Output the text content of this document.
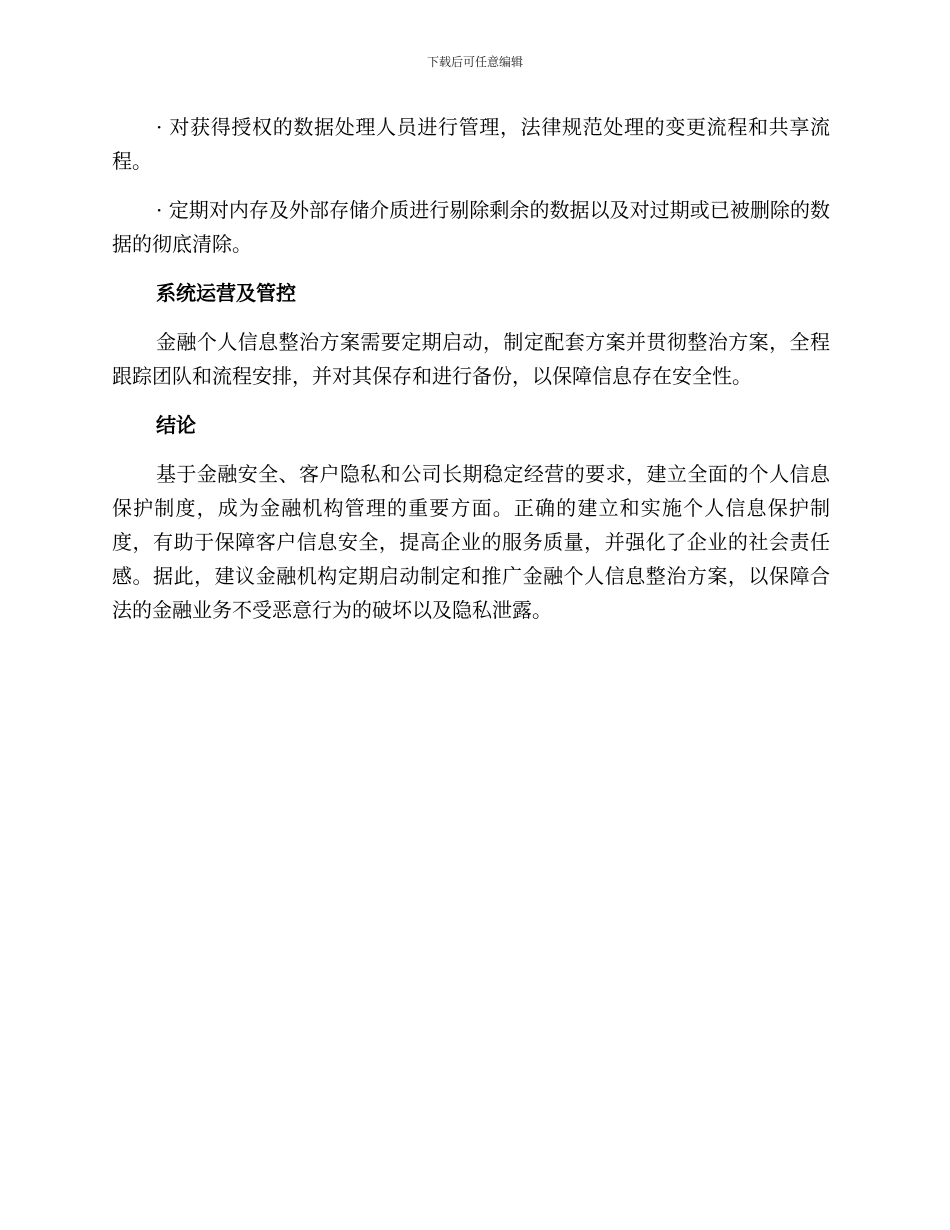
下载后可任意编辑

· 对获得授权的数据处理人员进行管理，法律规范处理的变更流程和共享流程。

· 定期对内存及外部存储介质进行剔除剩余的数据以及对过期或已被删除的数据的彻底清除。

系统运营及管控

金融个人信息整治方案需要定期启动，制定配套方案并贯彻整治方案，全程跟踪团队和流程安排，并对其保存和进行备份，以保障信息存在安全性。

结论

基于金融安全、客户隐私和公司长期稳定经营的要求，建立全面的个人信息保护制度，成为金融机构管理的重要方面。正确的建立和实施个人信息保护制度，有助于保障客户信息安全，提高企业的服务质量，并强化了企业的社会责任感。据此，建议金融机构定期启动制定和推广金融个人信息整治方案，以保障合法的金融业务不受恶意行为的破坏以及隐私泄露。
